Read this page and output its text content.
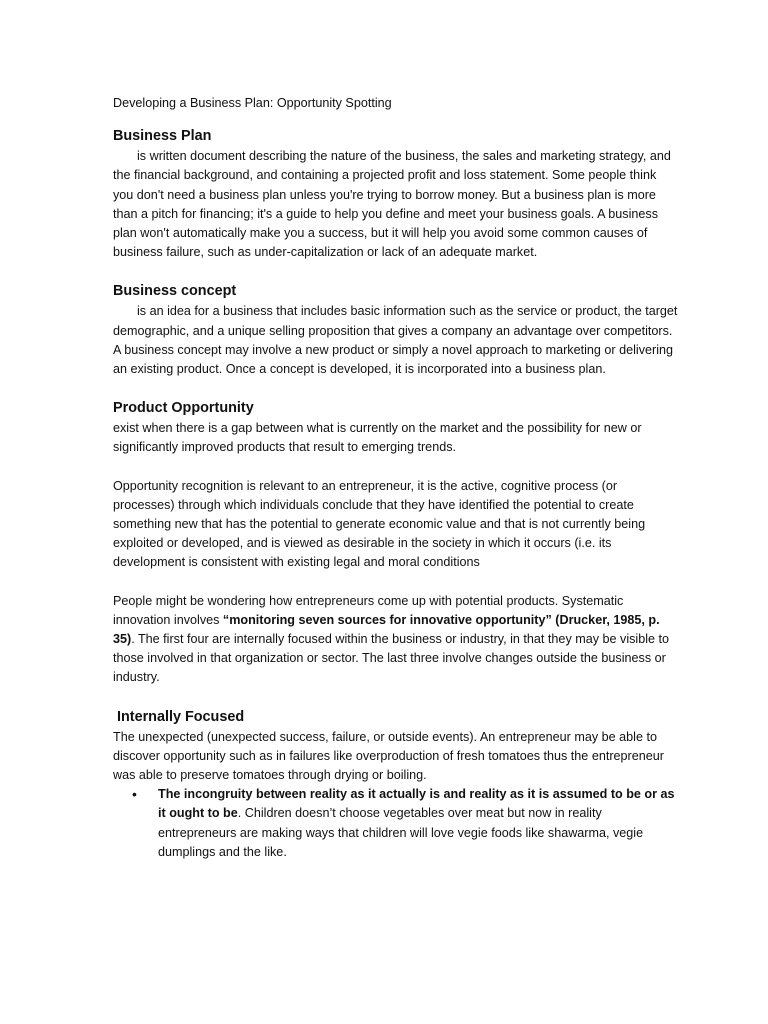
Developing a Business Plan: Opportunity Spotting

Business Plan

is written document describing the nature of the business, the sales and marketing strategy, and the financial background, and containing a projected profit and loss statement. Some people think you don't need a business plan unless you're trying to borrow money. But a business plan is more than a pitch for financing; it's a guide to help you define and meet your business goals. A business plan won't automatically make you a success, but it will help you avoid some common causes of business failure, such as under-capitalization or lack of an adequate market.

Business concept

is an idea for a business that includes basic information such as the service or product, the target demographic, and a unique selling proposition that gives a company an advantage over competitors. A business concept may involve a new product or simply a novel approach to marketing or delivering an existing product. Once a concept is developed, it is incorporated into a business plan.

Product Opportunity

exist when there is a gap between what is currently on the market and the possibility for new or significantly improved products that result to emerging trends.

Opportunity recognition is relevant to an entrepreneur, it is the active, cognitive process (or processes) through which individuals conclude that they have identified the potential to create something new that has the potential to generate economic value and that is not currently being exploited or developed, and is viewed as desirable in the society in which it occurs (i.e. its development is consistent with existing legal and moral conditions

People might be wondering how entrepreneurs come up with potential products. Systematic innovation involves “monitoring seven sources for innovative opportunity” (Drucker, 1985, p. 35). The first four are internally focused within the business or industry, in that they may be visible to those involved in that organization or sector. The last three involve changes outside the business or industry.

Internally Focused

The unexpected (unexpected success, failure, or outside events). An entrepreneur may be able to discover opportunity such as in failures like overproduction of fresh tomatoes thus the entrepreneur was able to preserve tomatoes through drying or boiling.

• The incongruity between reality as it actually is and reality as it is assumed to be or as it ought to be. Children doesn’t choose vegetables over meat but now in reality entrepreneurs are making ways that children will love vegie foods like shawarma, vegie dumplings and the like.
